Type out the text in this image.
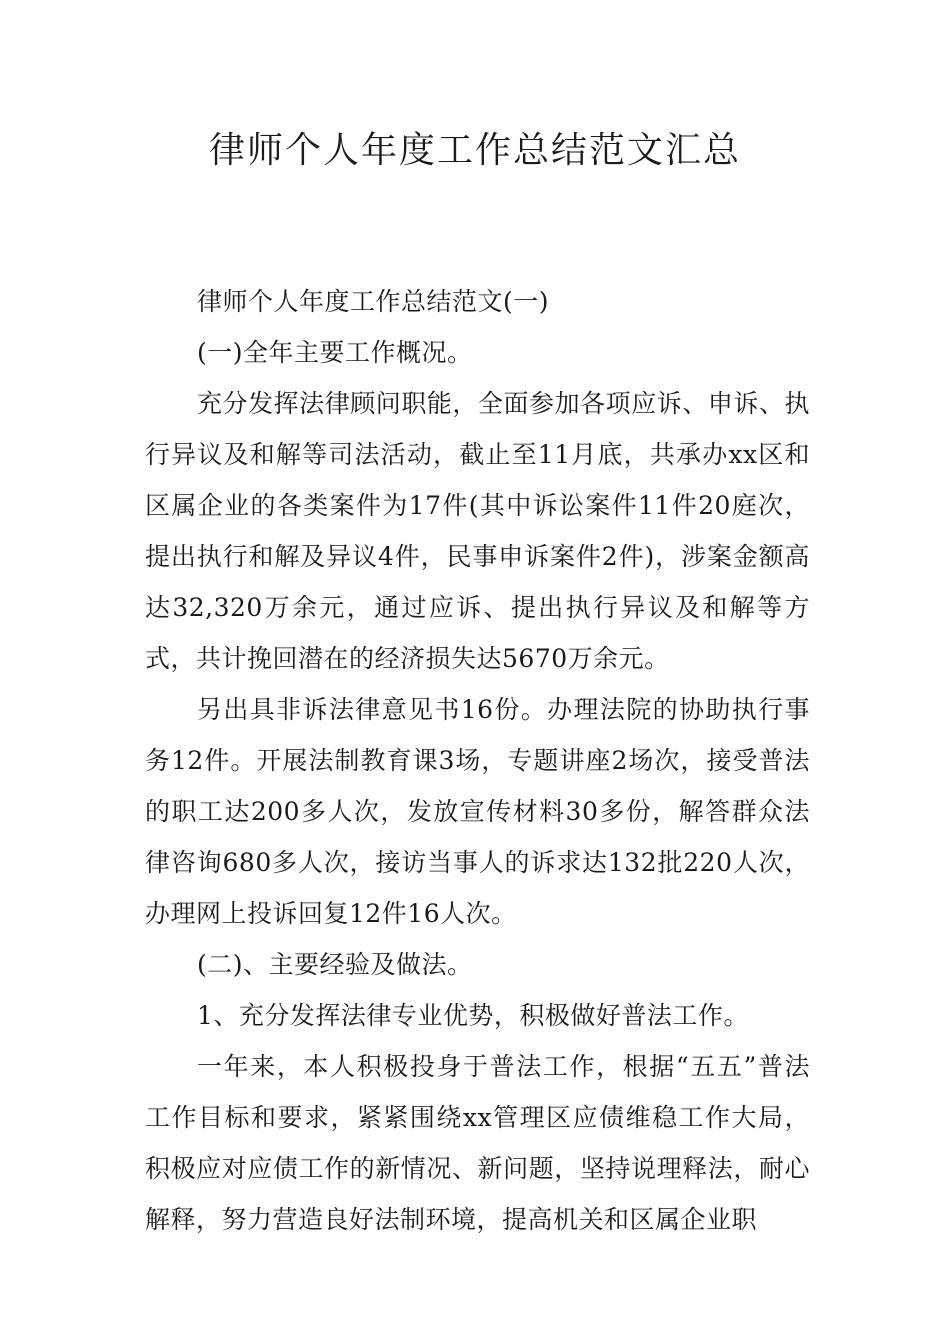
律师个人年度工作总结范文汇总

律师个人年度工作总结范文(一)

(一)全年主要工作概况。

充分发挥法律顾问职能，全面参加各项应诉、申诉、执行异议及和解等司法活动，截止至11月底，共承办xx区和区属企业的各类案件为17件(其中诉讼案件11件20庭次，提出执行和解及异议4件，民事申诉案件2件)，涉案金额高达32,320万余元，通过应诉、提出执行异议及和解等方式，共计挽回潜在的经济损失达5670万余元。

另出具非诉法律意见书16份。办理法院的协助执行事务12件。开展法制教育课3场，专题讲座2场次，接受普法的职工达200多人次，发放宣传材料30多份，解答群众法律咨询680多人次，接访当事人的诉求达132批220人次，办理网上投诉回复12件16人次。

(二)、主要经验及做法。

1、充分发挥法律专业优势，积极做好普法工作。

一年来，本人积极投身于普法工作，根据“五五”普法工作目标和要求，紧紧围绕xx管理区应债维稳工作大局，积极应对应债工作的新情况、新问题，坚持说理释法，耐心解释，努力营造良好法制环境，提高机关和区属企业职
